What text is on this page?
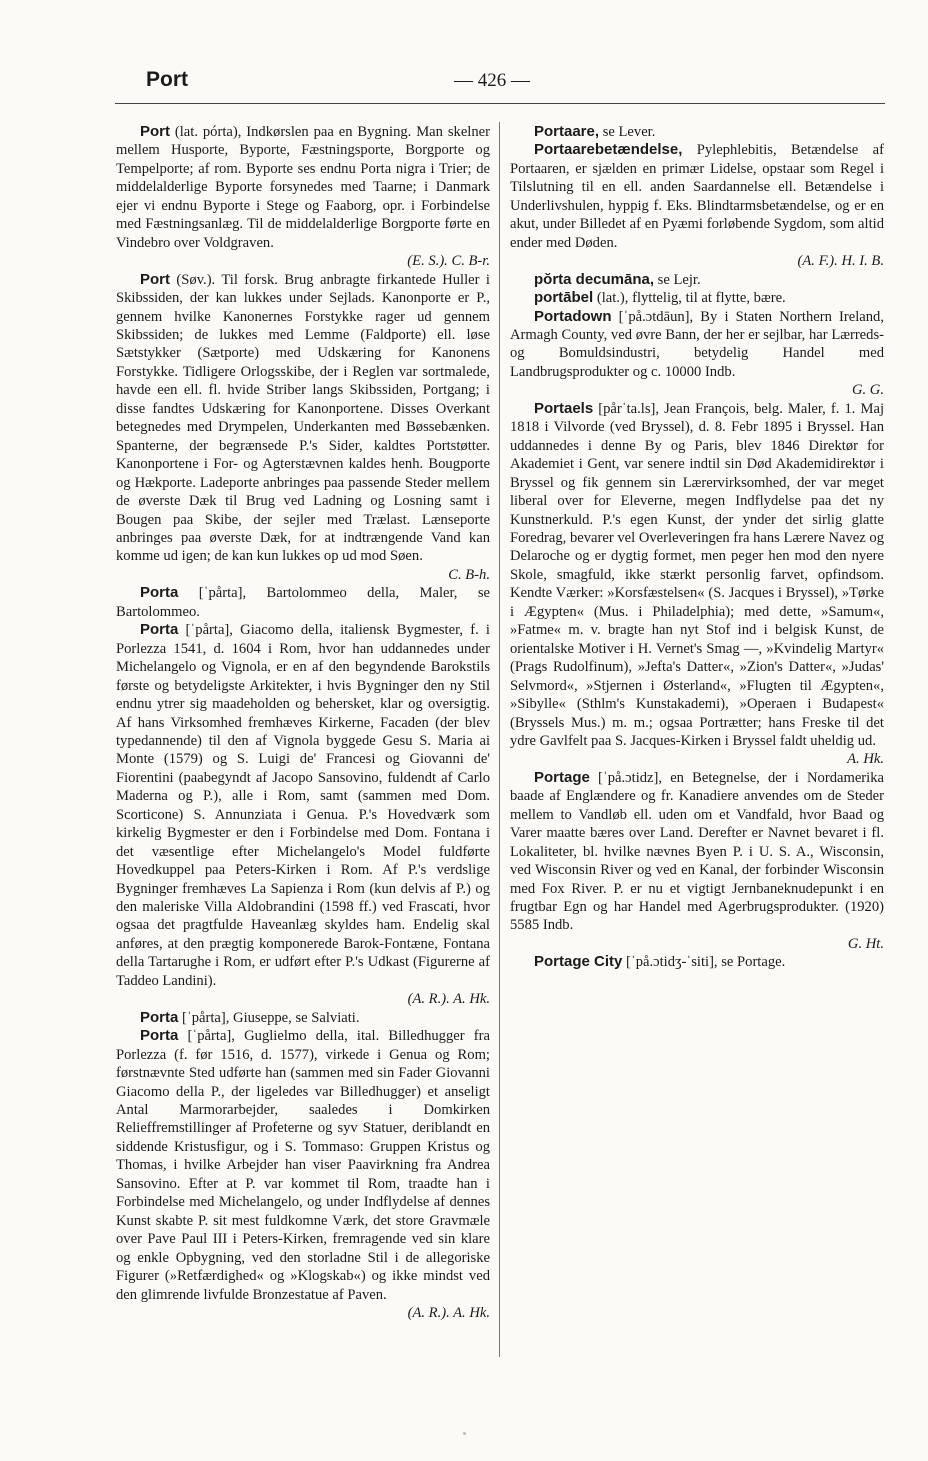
Port	— 426 —

Port (lat. pórta), Indkørslen paa en Bygning. Man skelner mellem Husporte, Byporte, Fæstningsporte, Borgporte og Tempelporte; af rom. Byporte ses endnu Porta nigra i Trier; de middelalderlige Byporte forsynedes med Taarne; i Danmark ejer vi endnu Byporte i Stege og Faaborg, opr. i Forbindelse med Fæstningsanlæg. Til de middelalderlige Borgporte førte en Vindebro over Voldgraven.
(E. S.). C. B-r.

Port (Søv.). Til forsk. Brug anbragte firkantede Huller i Skibssiden, der kan lukkes under Sejlads. Kanonporte er P., gennem hvilke Kanonernes Forstykke rager ud gennem Skibssiden; de lukkes med Lemme (Faldporte) ell. løse Sætstykker (Sætporte) med Udskæring for Kanonens Forstykke. Tidligere Orlogsskibe, der i Reglen var sortmalede, havde een ell. fl. hvide Striber langs Skibssiden, Portgang; i disse fandtes Udskæring for Kanonportene. Disses Overkant betegnedes med Drympelen, Underkanten med Bøssebænken. Spanterne, der begrænsede P.'s Sider, kaldtes Portstøtter. Kanonportene i For- og Agterstævnen kaldes henh. Bougporte og Hækporte. Ladeporte anbringes paa passende Steder mellem de øverste Dæk til Brug ved Ladning og Losning samt i Bougen paa Skibe, der sejler med Trælast. Lænseporte anbringes paa øverste Dæk, for at indtrængende Vand kan komme ud igen; de kan kun lukkes op ud mod Søen.
C. B-h.

Porta [ˈpårta], Bartolommeo della, Maler, se Bartolommeo.

Porta [ˈpårta], Giacomo della, italiensk Bygmester, f. i Porlezza 1541, d. 1604 i Rom, hvor han uddannedes under Michelangelo og Vignola, er en af den begyndende Barokstils første og betydeligste Arkitekter, i hvis Bygninger den ny Stil endnu ytrer sig maadeholden og behersket, klar og oversigtig. Af hans Virksomhed fremhæves Kirkerne, Facaden (der blev typedannende) til den af Vignola byggede Gesu S. Maria ai Monte (1579) og S. Luigi de' Francesi og Giovanni de' Fiorentini (paabegyndt af Jacopo Sansovino, fuldendt af Carlo Maderna og P.), alle i Rom, samt (sammen med Dom. Scorticone) S. Annunziata i Genua. P.'s Hovedværk som kirkelig Bygmester er den i Forbindelse med Dom. Fontana i det væsentlige efter Michelangelo's Model fuldførte Hovedkuppel paa Peters-Kirken i Rom. Af P.'s verdslige Bygninger fremhæves La Sapienza i Rom (kun delvis af P.) og den maleriske Villa Aldobrandini (1598 ff.) ved Frascati, hvor ogsaa det pragtfulde Haveanlæg skyldes ham. Endelig skal anføres, at den prægtig komponerede Barok-Fontæne, Fontana della Tartarughe i Rom, er udført efter P.'s Udkast (Figurerne af Taddeo Landini).
(A. R.). A. Hk.

Porta [ˈpårta], Giuseppe, se Salviati.

Porta [ˈpårta], Guglielmo della, ital. Billedhugger fra Porlezza (f. før 1516, d. 1577), virkede i Genua og Rom; førstnævnte Sted udførte han (sammen med sin Fader Giovanni Giacomo della P., der ligeledes var Billedhugger) et anseligt Antal Marmorarbejder, saaledes i Domkirken Relieffremstillinger af Profeterne og syv Statuer, deriblandt en siddende Kristusfigur, og i S. Tommaso: Gruppen Kristus og Thomas, i hvilke Arbejder han viser Paavirkning fra Andrea Sansovino. Efter at P. var kommet til Rom, traadte han i Forbindelse med Michelangelo, og under Indflydelse af dennes Kunst skabte P. sit mest fuldkomne Værk, det store Gravmæle over Pave Paul III i Peters-Kirken, fremragende ved sin klare og enkle Opbygning, ved den storladne Stil i de allegoriske Figurer (»Retfærdighed« og »Klogskab«) og ikke mindst ved den glimrende livfulde Bronzestatue af Paven.
(A. R.). A. Hk.

Portaare, se Lever.

Portaarebetændelse, Pylephlebitis, Betændelse af Portaaren, er sjælden en primær Lidelse, opstaar som Regel i Tilslutning til en ell. anden Saardannelse ell. Betændelse i Underlivshulen, hyppig f. Eks. Blindtarmsbetændelse, og er en akut, under Billedet af en Pyæmi forløbende Sygdom, som altid ender med Døden.
(A. F.). H. I. B.

pŏrta decumāna, se Lejr.

portābel (lat.), flyttelig, til at flytte, bære.

Portadown [ˈpå.ɔtdāun], By i Staten Northern Ireland, Armagh County, ved øvre Bann, der her er sejlbar, har Lærreds- og Bomuldsindustri, betydelig Handel med Landbrugsprodukter og c. 10000 Indb.
G. G.

Portaels [pårˈta.ls], Jean François, belg. Maler, f. 1. Maj 1818 i Vilvorde (ved Bryssel), d. 8. Febr 1895 i Bryssel. Han uddannedes i denne By og Paris, blev 1846 Direktør for Akademiet i Gent, var senere indtil sin Død Akademidirektør i Bryssel og fik gennem sin Lærervirksomhed, der var meget liberal over for Eleverne, megen Indflydelse paa det ny Kunstnerkuld. P.'s egen Kunst, der ynder det sirlig glatte Foredrag, bevarer vel Overleveringen fra hans Lærere Navez og Delaroche og er dygtig formet, men peger hen mod den nyere Skole, smagfuld, ikke stærkt personlig farvet, opfindsom. Kendte Værker: »Korsfæstelsen« (S. Jacques i Bryssel), »Tørke i Ægypten« (Mus. i Philadelphia); med dette, »Samum«, »Fatme« m. v. bragte han nyt Stof ind i belgisk Kunst, de orientalske Motiver i H. Vernet's Smag —, »Kvindelig Martyr« (Prags Rudolfinum), »Jefta's Datter«, »Zion's Datter«, »Judas' Selvmord«, »Stjernen i Østerland«, »Flugten til Ægypten«, »Sibylle« (Sthlm's Kunstakademi), »Operaen i Budapest« (Bryssels Mus.) m. m.; ogsaa Portrætter; hans Freske til det ydre Gavlfelt paa S. Jacques-Kirken i Bryssel faldt uheldig ud.
A. Hk.

Portage [ˈpå.ɔtidz], en Betegnelse, der i Nordamerika baade af Englændere og fr. Kanadiere anvendes om de Steder mellem to Vandløb ell. uden om et Vandfald, hvor Baad og Varer maatte bæres over Land. Derefter er Navnet bevaret i fl. Lokaliteter, bl. hvilke nævnes Byen P. i U. S. A., Wisconsin, ved Wisconsin River og ved en Kanal, der forbinder Wisconsin med Fox River. P. er nu et vigtigt Jernbaneknudepunkt i en frugtbar Egn og har Handel med Agerbrugsprodukter. (1920) 5585 Indb.
G. Ht.

Portage City [ˈpå.ɔtidʒ-ˈsiti], se Portage.
